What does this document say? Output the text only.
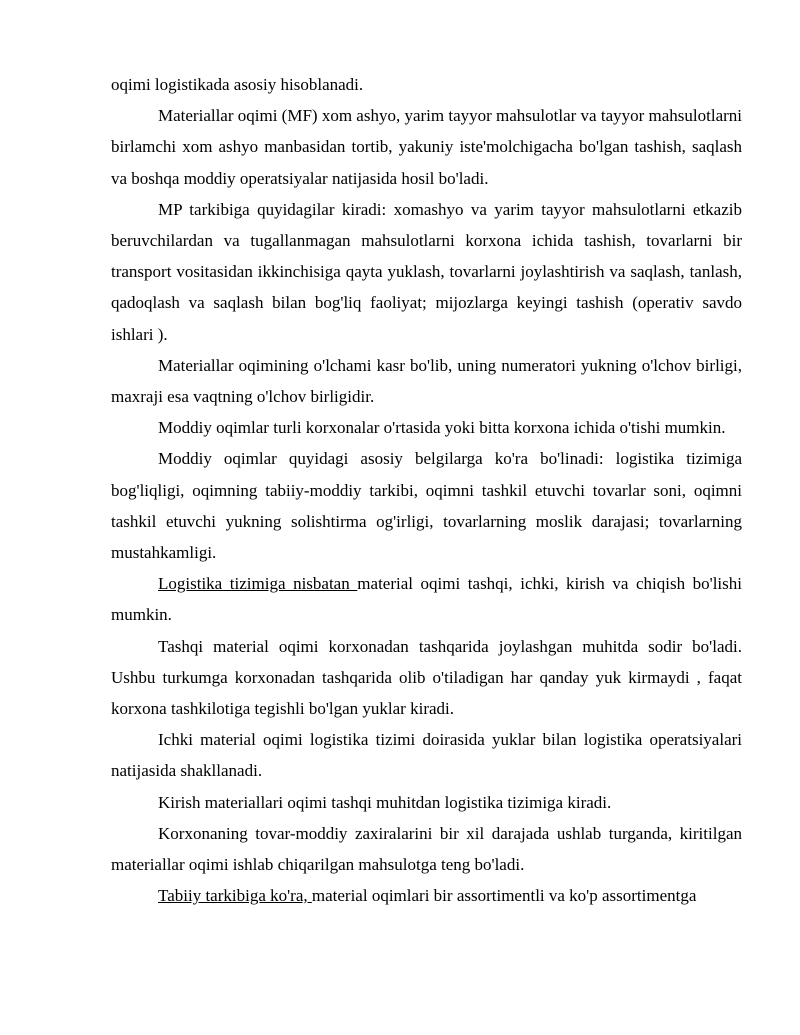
oqimi logistikada asosiy hisoblanadi.

Materiallar oqimi (MF) xom ashyo, yarim tayyor mahsulotlar va tayyor mahsulotlarni birlamchi xom ashyo manbasidan tortib, yakuniy iste'molchigacha bo'lgan tashish, saqlash va boshqa moddiy operatsiyalar natijasida hosil bo'ladi.

MP tarkibiga quyidagilar kiradi: xomashyo va yarim tayyor mahsulotlarni etkazib beruvchilardan va tugallanmagan mahsulotlarni korxona ichida tashish, tovarlarni bir transport vositasidan ikkinchisiga qayta yuklash, tovarlarni joylashtirish va saqlash, tanlash, qadoqlash va saqlash bilan bog'liq faoliyat; mijozlarga keyingi tashish (operativ savdo ishlari ).

Materiallar oqimining o'lchami kasr bo'lib, uning numeratori yukning o'lchov birligi, maxraji esa vaqtning o'lchov birligidir.

Moddiy oqimlar turli korxonalar o'rtasida yoki bitta korxona ichida o'tishi mumkin.

Moddiy oqimlar quyidagi asosiy belgilarga ko'ra bo'linadi: logistika tizimiga bog'liqligi, oqimning tabiiy-moddiy tarkibi, oqimni tashkil etuvchi tovarlar soni, oqimni tashkil etuvchi yukning solishtirma og'irligi, tovarlarning moslik darajasi; tovarlarning mustahkamligi.

Logistika tizimiga nisbatan material oqimi tashqi, ichki, kirish va chiqish bo'lishi mumkin.

Tashqi material oqimi korxonadan tashqarida joylashgan muhitda sodir bo'ladi. Ushbu turkumga korxonadan tashqarida olib o'tiladigan har qanday yuk kirmaydi , faqat korxona tashkilotiga tegishli bo'lgan yuklar kiradi.

Ichki material oqimi logistika tizimi doirasida yuklar bilan logistika operatsiyalari natijasida shakllanadi.

Kirish materiallari oqimi tashqi muhitdan logistika tizimiga kiradi.

Korxonaning tovar-moddiy zaxiralarini bir xil darajada ushlab turganda, kiritilgan materiallar oqimi ishlab chiqarilgan mahsulotga teng bo'ladi.

Tabiiy tarkibiga ko'ra, material oqimlari bir assortimentli va ko'p assortimentga
